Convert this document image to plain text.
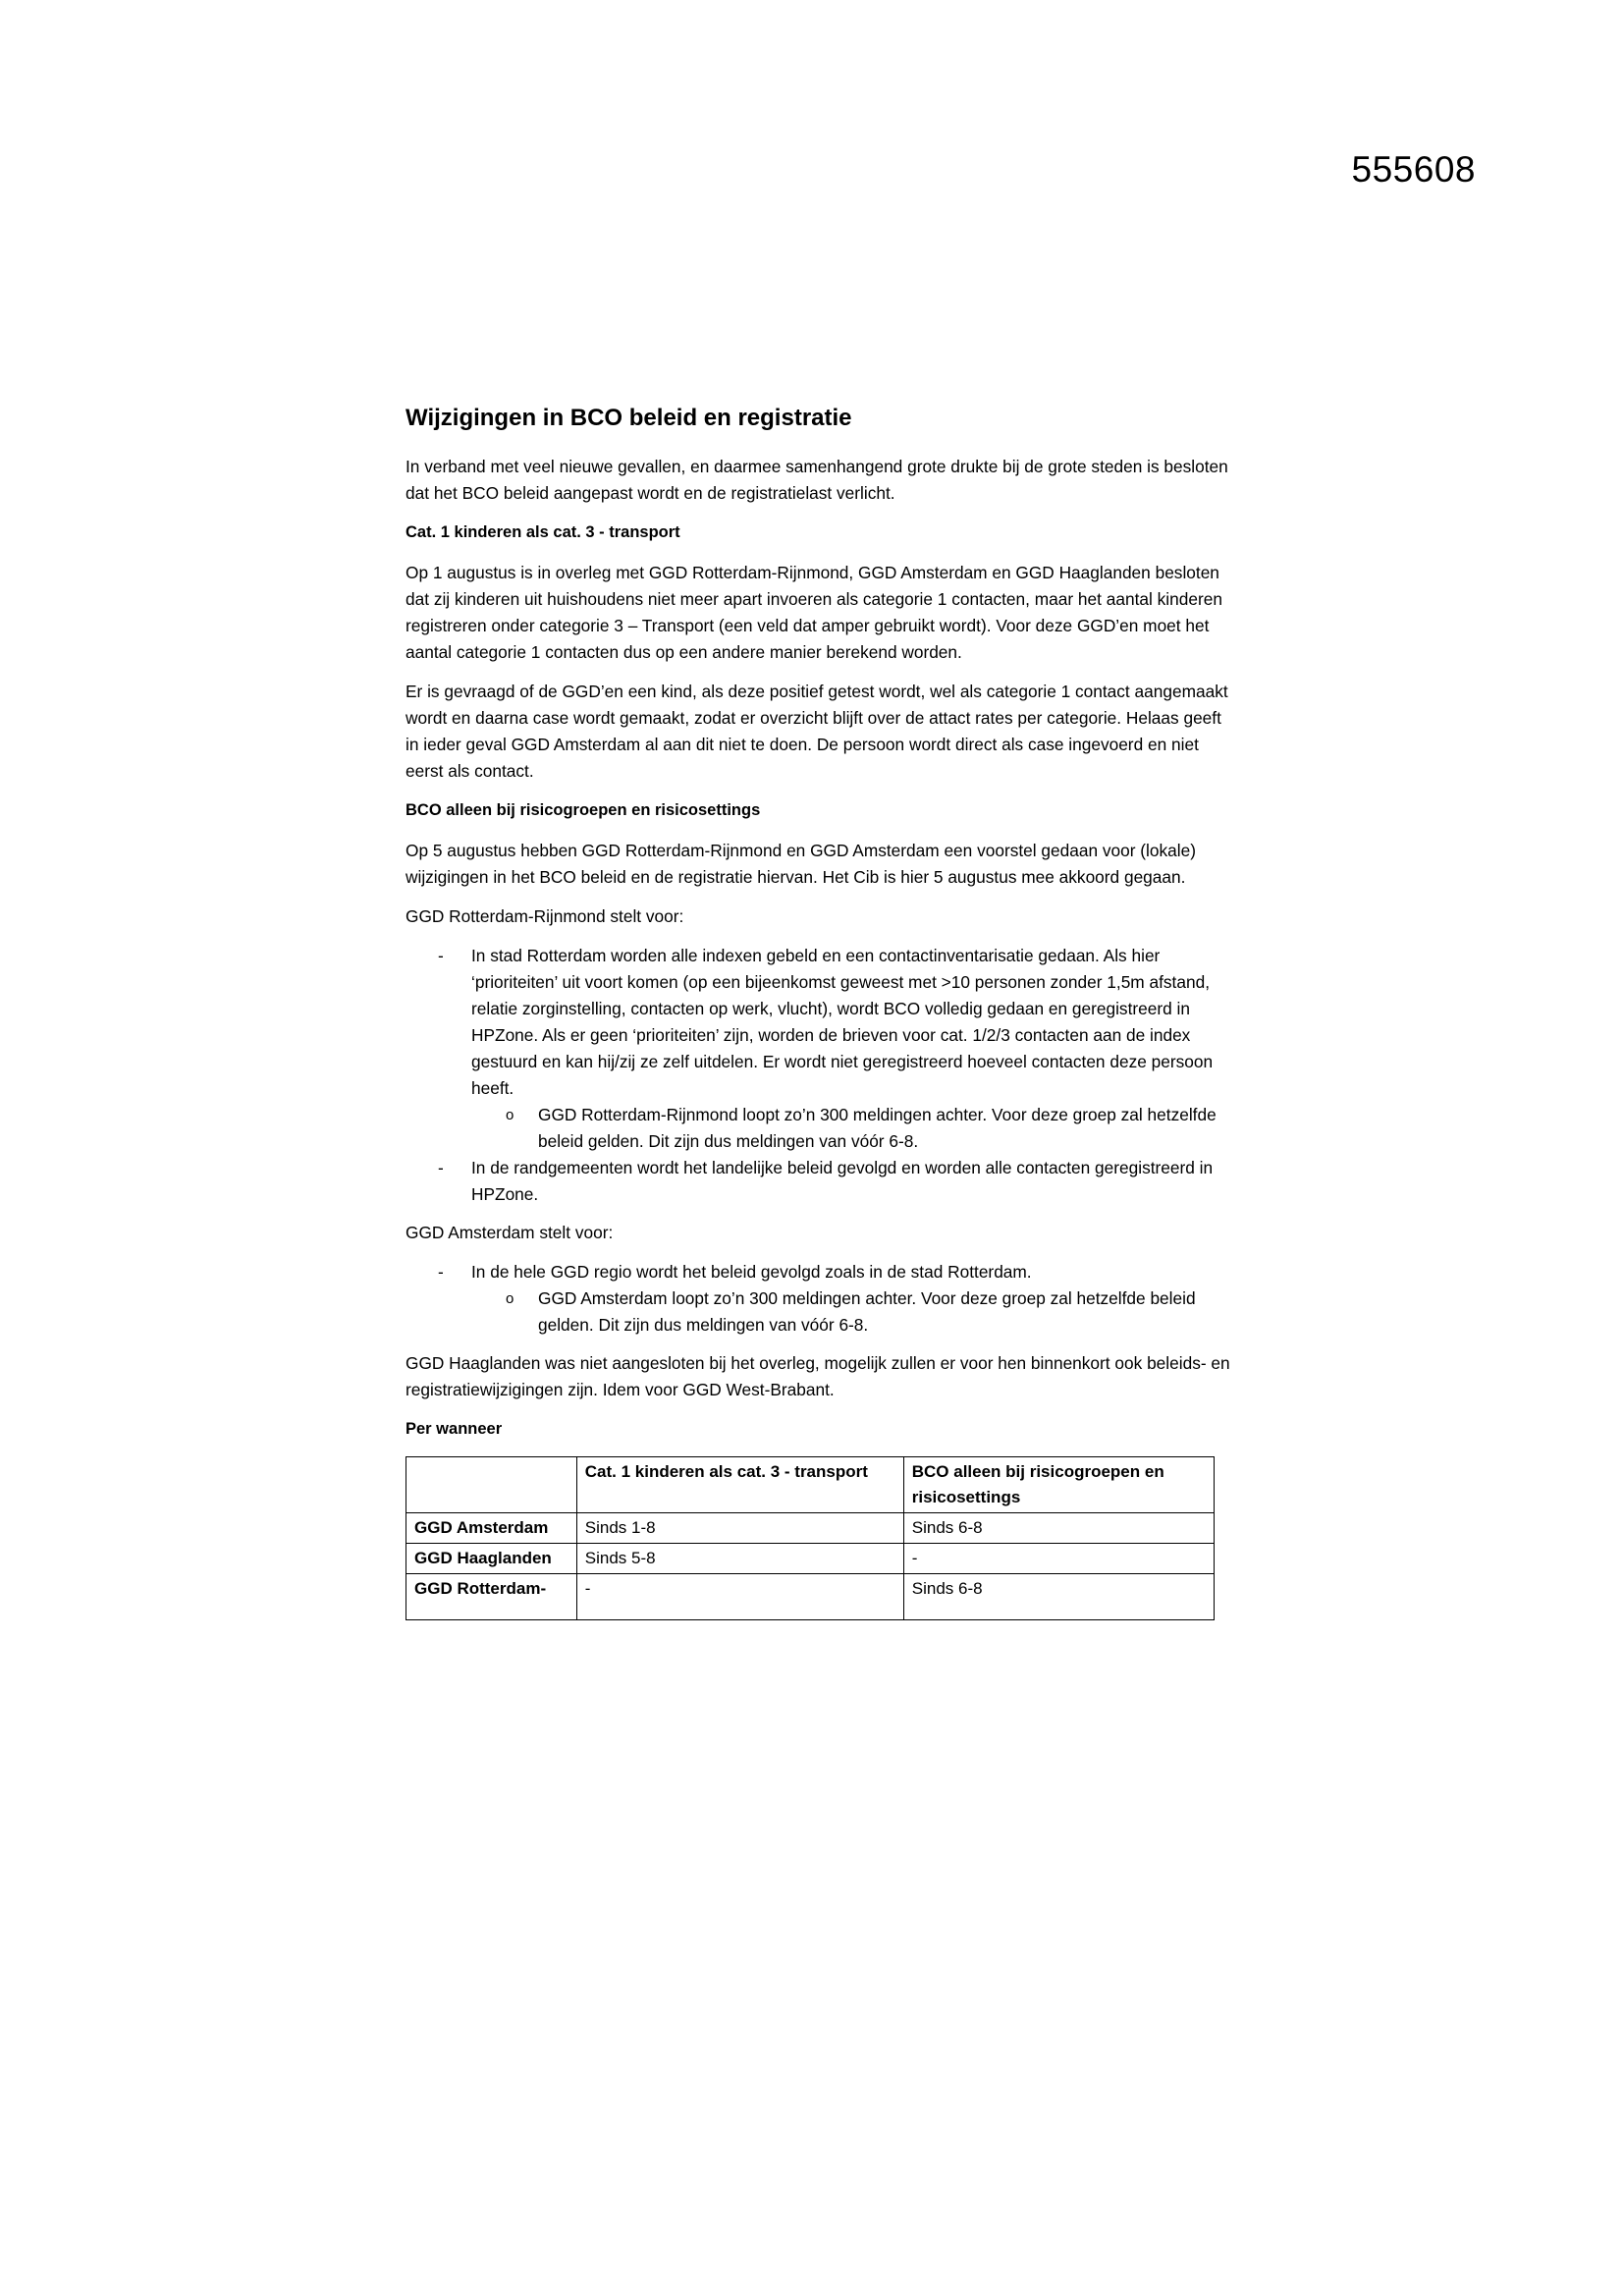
555608
Wijzigingen in BCO beleid en registratie

In verband met veel nieuwe gevallen, en daarmee samenhangend grote drukte bij de grote steden is besloten dat het BCO beleid aangepast wordt en de registratielast verlicht.

Cat. 1 kinderen als cat. 3 - transport

Op 1 augustus is in overleg met GGD Rotterdam-Rijnmond, GGD Amsterdam en GGD Haaglanden besloten dat zij kinderen uit huishoudens niet meer apart invoeren als categorie 1 contacten, maar het aantal kinderen registreren onder categorie 3 – Transport (een veld dat amper gebruikt wordt). Voor deze GGD’en moet het aantal categorie 1 contacten dus op een andere manier berekend worden.

Er is gevraagd of de GGD’en een kind, als deze positief getest wordt, wel als categorie 1 contact aangemaakt wordt en daarna case wordt gemaakt, zodat er overzicht blijft over de attact rates per categorie. Helaas geeft in ieder geval GGD Amsterdam al aan dit niet te doen. De persoon wordt direct als case ingevoerd en niet eerst als contact.

BCO alleen bij risicogroepen en risicosettings

Op 5 augustus hebben GGD Rotterdam-Rijnmond en GGD Amsterdam een voorstel gedaan voor (lokale) wijzigingen in het BCO beleid en de registratie hiervan. Het Cib is hier 5 augustus mee akkoord gegaan.

GGD Rotterdam-Rijnmond stelt voor:

- In stad Rotterdam worden alle indexen gebeld en een contactinventarisatie gedaan. Als hier ‘prioriteiten’ uit voort komen (op een bijeenkomst geweest met >10 personen zonder 1,5m afstand, relatie zorginstelling, contacten op werk, vlucht), wordt BCO volledig gedaan en geregistreerd in HPZone. Als er geen ‘prioriteiten’ zijn, worden de brieven voor cat. 1/2/3 contacten aan de index gestuurd en kan hij/zij ze zelf uitdelen. Er wordt niet geregistreerd hoeveel contacten deze persoon heeft.
o GGD Rotterdam-Rijnmond loopt zo’n 300 meldingen achter. Voor deze groep zal hetzelfde beleid gelden. Dit zijn dus meldingen van vóór 6-8.
- In de randgemeenten wordt het landelijke beleid gevolgd en worden alle contacten geregistreerd in HPZone.

GGD Amsterdam stelt voor:

- In de hele GGD regio wordt het beleid gevolgd zoals in de stad Rotterdam.
o GGD Amsterdam loopt zo’n 300 meldingen achter. Voor deze groep zal hetzelfde beleid gelden. Dit zijn dus meldingen van vóór 6-8.

GGD Haaglanden was niet aangesloten bij het overleg, mogelijk zullen er voor hen binnenkort ook beleids- en registratiewijzigingen zijn. Idem voor GGD West-Brabant.

Per wanneer
	Cat. 1 kinderen als cat. 3 - transport	BCO alleen bij risicogroepen en risicosettings
GGD Amsterdam	Sinds 1-8	Sinds 6-8
GGD Haaglanden	Sinds 5-8	-
GGD Rotterdam-	-	Sinds 6-8
